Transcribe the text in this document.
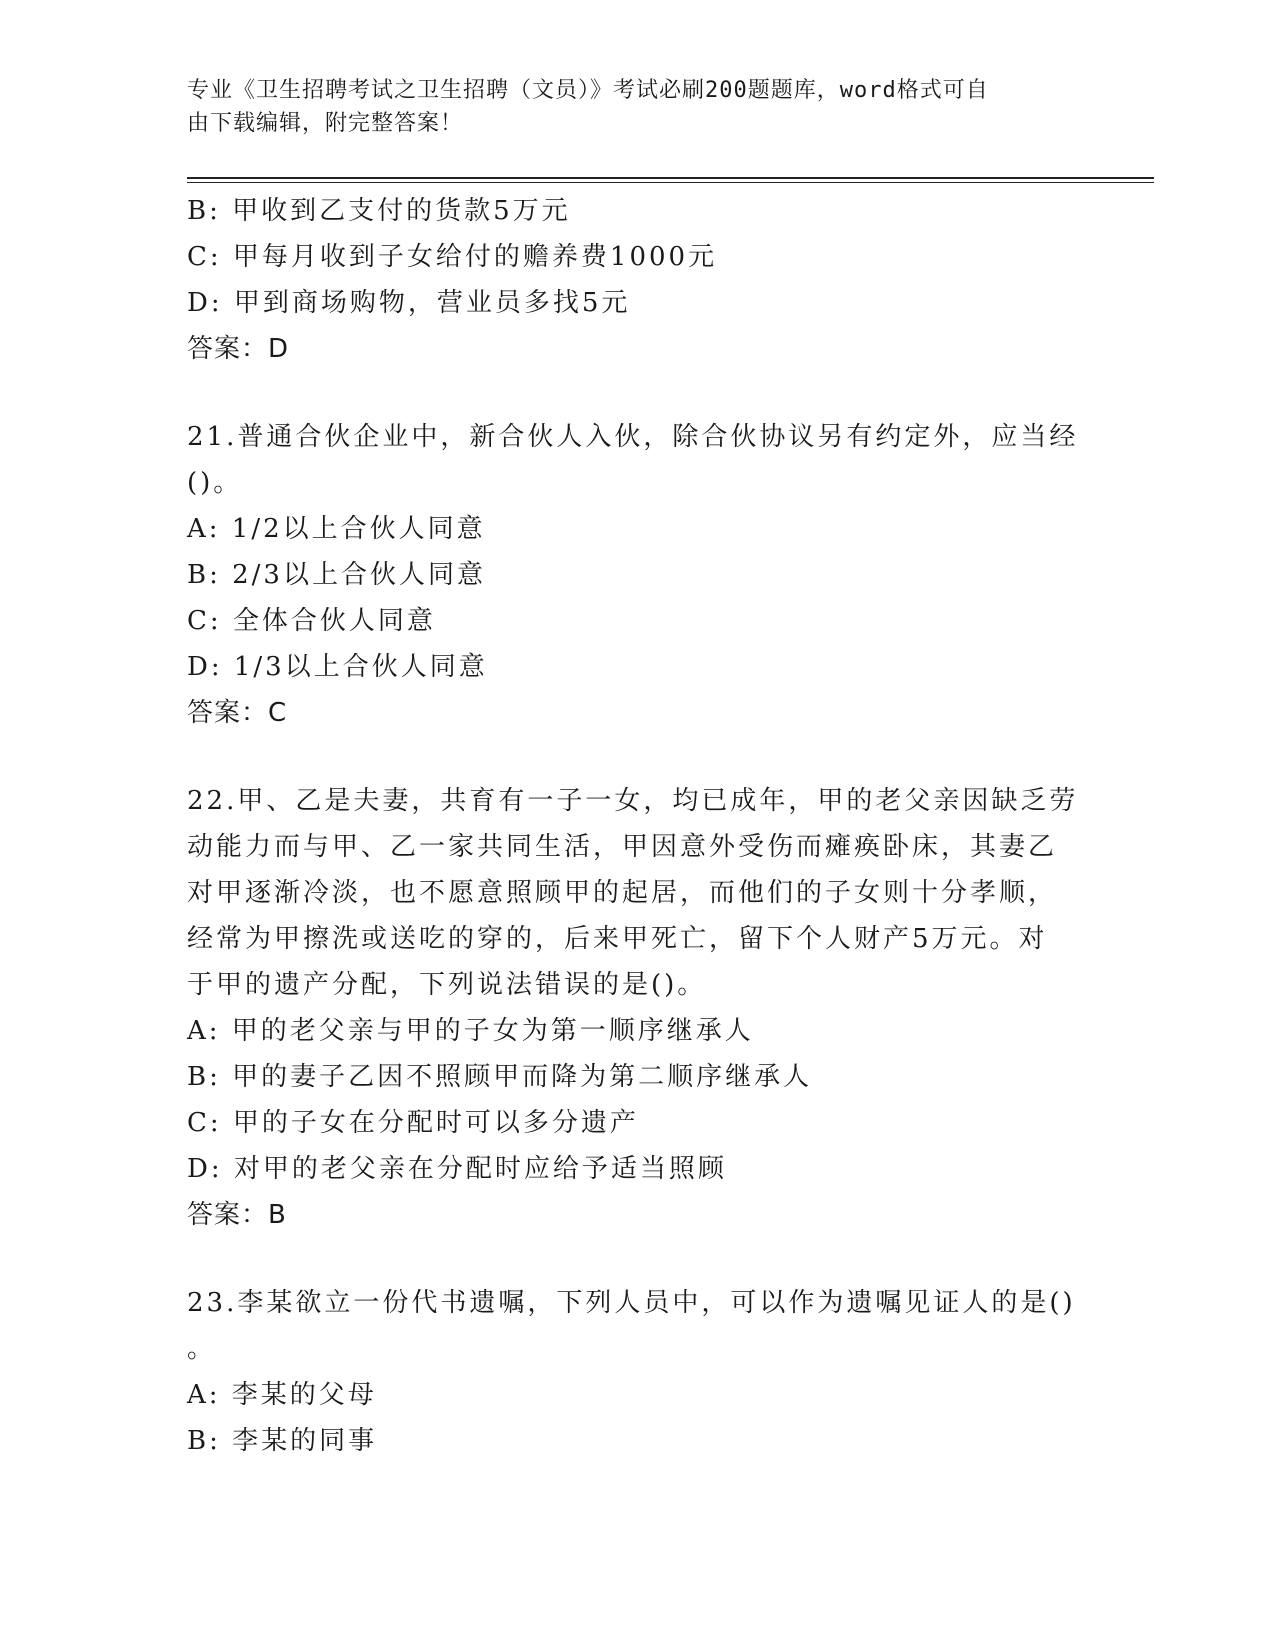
专业《卫生招聘考试之卫生招聘（文员）》考试必刷200题题库，word格式可自
由下载编辑，附完整答案！
B: 甲收到乙支付的货款5万元
C: 甲每月收到子女给付的赡养费1000元
D: 甲到商场购物，营业员多找5元
答案：D
21.普通合伙企业中，新合伙人入伙，除合伙协议另有约定外，应当经
()。
A: 1/2以上合伙人同意
B: 2/3以上合伙人同意
C: 全体合伙人同意
D: 1/3以上合伙人同意
答案：C
22.甲、乙是夫妻，共育有一子一女，均已成年，甲的老父亲因缺乏劳
动能力而与甲、乙一家共同生活，甲因意外受伤而瘫痪卧床，其妻乙
对甲逐渐冷淡，也不愿意照顾甲的起居，而他们的子女则十分孝顺，
经常为甲擦洗或送吃的穿的，后来甲死亡，留下个人财产5万元。对
于甲的遗产分配，下列说法错误的是()。
A: 甲的老父亲与甲的子女为第一顺序继承人
B: 甲的妻子乙因不照顾甲而降为第二顺序继承人
C: 甲的子女在分配时可以多分遗产
D: 对甲的老父亲在分配时应给予适当照顾
答案：B
23.李某欲立一份代书遗嘱，下列人员中，可以作为遗嘱见证人的是()
。
A: 李某的父母
B: 李某的同事
